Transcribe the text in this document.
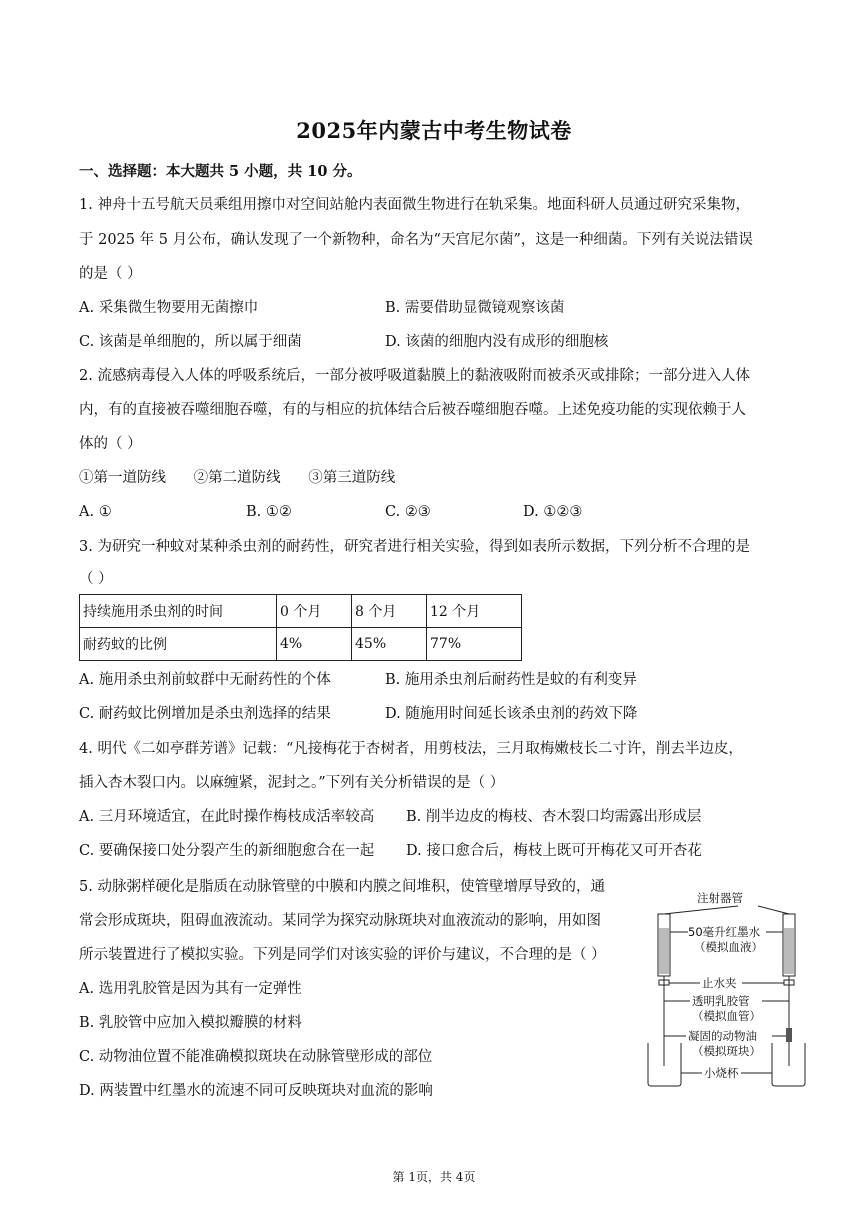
2025年内蒙古中考生物试卷
一、选择题：本大题共 5 小题，共 10 分。
1. 神舟十五号航天员乘组用擦巾对空间站舱内表面微生物进行在轨采集。地面科研人员通过研究采集物，
于 2025 年 5 月公布，确认发现了一个新物种，命名为“天宫尼尔菌”，这是一种细菌。下列有关说法错误
的是（ ）
A. 采集微生物要用无菌擦巾	B. 需要借助显微镜观察该菌
C. 该菌是单细胞的，所以属于细菌	D. 该菌的细胞内没有成形的细胞核
2. 流感病毒侵入人体的呼吸系统后，一部分被呼吸道黏膜上的黏液吸附而被杀灭或排除；一部分进入人体
内，有的直接被吞噬细胞吞噬，有的与相应的抗体结合后被吞噬细胞吞噬。上述免疫功能的实现依赖于人
体的（ ）
①第一道防线      ②第二道防线      ③第三道防线
A. ①	B. ①②	C. ②③	D. ①②③
3. 为研究一种蚊对某种杀虫剂的耐药性，研究者进行相关实验，得到如表所示数据，下列分析不合理的是
（ ）
持续施用杀虫剂的时间	0 个月	8 个月	12 个月
耐药蚊的比例	4%	45%	77%
A. 施用杀虫剂前蚊群中无耐药性的个体	B. 施用杀虫剂后耐药性是蚊的有利变异
C. 耐药蚊比例增加是杀虫剂选择的结果	D. 随施用时间延长该杀虫剂的药效下降
4. 明代《二如亭群芳谱》记载：“凡接梅花于杏树者，用剪枝法，三月取梅嫩枝长二寸许，削去半边皮，
插入杏木裂口内。以麻缠紧，泥封之。”下列有关分析错误的是（ ）
A. 三月环境适宜，在此时操作梅枝成活率较高 B. 削半边皮的梅枝、杏木裂口均需露出形成层
C. 要确保接口处分裂产生的新细胞愈合在一起 D. 接口愈合后，梅枝上既可开梅花又可开杏花
5. 动脉粥样硬化是脂质在动脉管壁的中膜和内膜之间堆积，使管壁增厚导致的，通
常会形成斑块，阻碍血液流动。某同学为探究动脉斑块对血液流动的影响，用如图
所示装置进行了模拟实验。下列是同学们对该实验的评价与建议，不合理的是（ ）
A. 选用乳胶管是因为其有一定弹性
B. 乳胶管中应加入模拟瓣膜的材料
C. 动物油位置不能准确模拟斑块在动脉管壁形成的部位
D. 两装置中红墨水的流速不同可反映斑块对血流的影响
注射器管
50毫升红墨水
（模拟血液）
止水夹
透明乳胶管
（模拟血管）
凝固的动物油
（模拟斑块）
小烧杯
第 1页，共 4页
